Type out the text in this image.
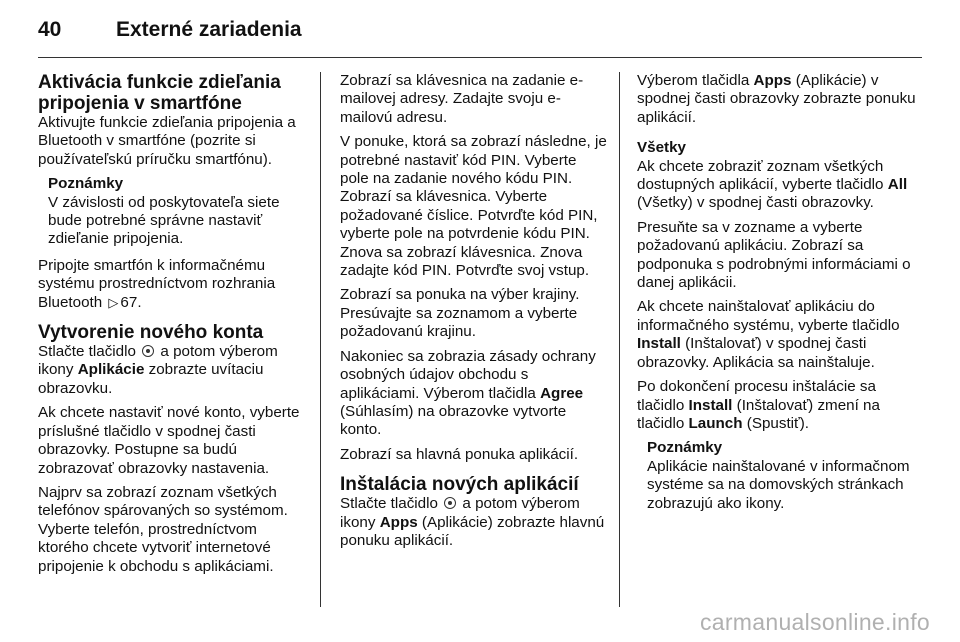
40	Externé zariadenia
Aktivácia funkcie zdieľania pripojenia v smartfóne

Aktivujte funkcie zdieľania pripojenia a Bluetooth v smartfóne (pozrite si používateľskú príručku smartfónu).

Poznámky
V závislosti od poskytovateľa siete bude potrebné správne nastaviť zdieľanie pripojenia.

Pripojte smartfón k informačnému systému prostredníctvom rozhrania Bluetooth ▷ 67.

Vytvorenie nového konta

Stlačte tlačidlo a potom výberom ikony Aplikácie zobrazte uvítaciu obrazovku.

Ak chcete nastaviť nové konto, vyberte príslušné tlačidlo v spodnej časti obrazovky. Postupne sa budú zobrazovať obrazovky nastavenia.

Najprv sa zobrazí zoznam všetkých telefónov spárovaných so systémom. Vyberte telefón, prostredníctvom ktorého chcete vytvoriť internetové pripojenie k obchodu s aplikáciami.

Zobrazí sa klávesnica na zadanie e-mailovej adresy. Zadajte svoju e-mailovú adresu.

V ponuke, ktorá sa zobrazí následne, je potrebné nastaviť kód PIN. Vyberte pole na zadanie nového kódu PIN. Zobrazí sa klávesnica. Vyberte požadované číslice. Potvrďte kód PIN, vyberte pole na potvrdenie kódu PIN. Znova sa zobrazí klávesnica. Znova zadajte kód PIN. Potvrďte svoj vstup.

Zobrazí sa ponuka na výber krajiny. Presúvajte sa zoznamom a vyberte požadovanú krajinu.

Nakoniec sa zobrazia zásady ochrany osobných údajov obchodu s aplikáciami. Výberom tlačidla Agree (Súhlasím) na obrazovke vytvorte konto.

Zobrazí sa hlavná ponuka aplikácií.

Inštalácia nových aplikácií

Stlačte tlačidlo a potom výberom ikony Apps (Aplikácie) zobrazte hlavnú ponuku aplikácií.

Výberom tlačidla Apps (Aplikácie) v spodnej časti obrazovky zobrazte ponuku aplikácií.

Všetky

Ak chcete zobraziť zoznam všetkých dostupných aplikácií, vyberte tlačidlo All (Všetky) v spodnej časti obrazovky.

Presuňte sa v zozname a vyberte požadovanú aplikáciu. Zobrazí sa podponuka s podrobnými informáciami o danej aplikácii.

Ak chcete nainštalovať aplikáciu do informačného systému, vyberte tlačidlo Install (Inštalovať) v spodnej časti obrazovky. Aplikácia sa nainštaluje.

Po dokončení procesu inštalácie sa tlačidlo Install (Inštalovať) zmení na tlačidlo Launch (Spustiť).

Poznámky
Aplikácie nainštalované v informačnom systéme sa na domovských stránkach zobrazujú ako ikony.
carmanualsonline.info
